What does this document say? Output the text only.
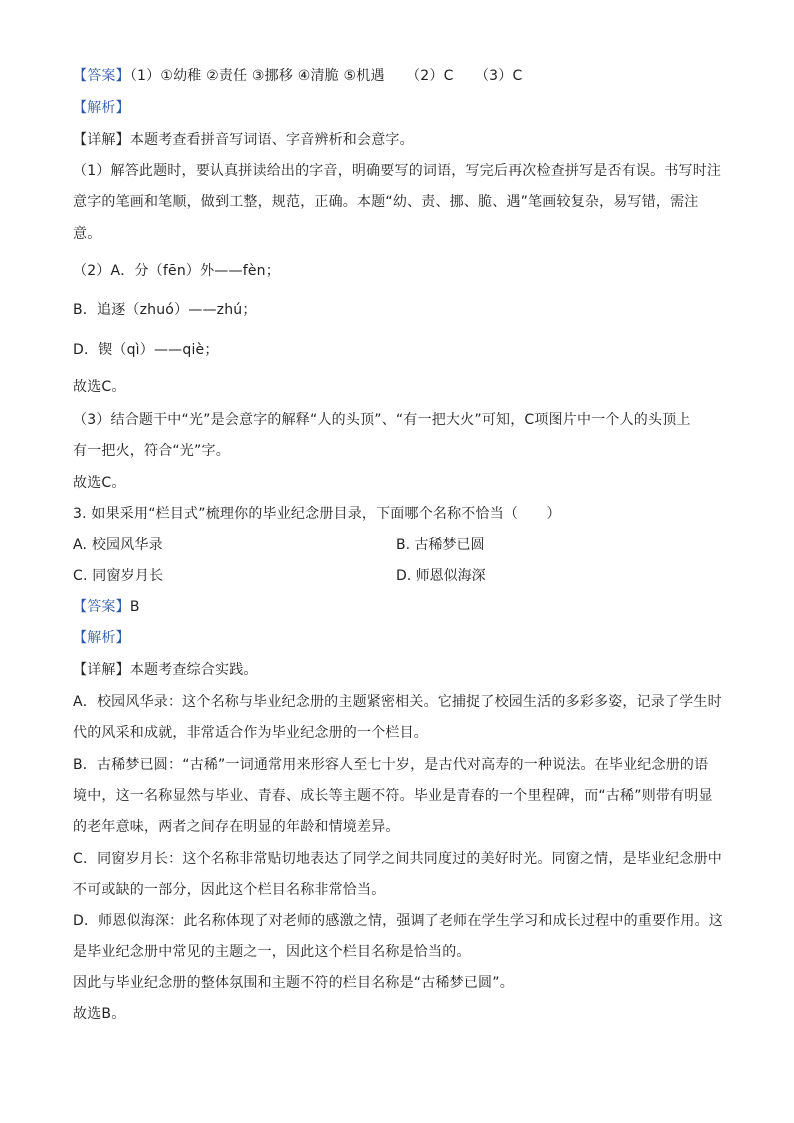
【答案】（1）①幼稚 ②责任 ③挪移 ④清脆 ⑤机遇　　（2）C　　（3）C
【解析】
【详解】本题考查看拼音写词语、字音辨析和会意字。
（1）解答此题时，要认真拼读给出的字音，明确要写的词语，写完后再次检查拼写是否有误。书写时注
意字的笔画和笔顺，做到工整，规范，正确。本题“幼、责、挪、脆、遇”笔画较复杂，易写错，需注
意。
（2）A．分（fēn）外——fèn；
B．追逐（zhuó）——zhú；
D．锲（qì）——qiè；
故选C。
（3）结合题干中“光”是会意字的解释“人的头顶”、“有一把大火”可知，C项图片中一个人的头顶上
有一把火，符合“光”字。
故选C。
3. 如果采用“栏目式”梳理你的毕业纪念册目录，下面哪个名称不恰当（　　）
A. 校园风华录	B. 古稀梦已圆
C. 同窗岁月长	D. 师恩似海深
【答案】B
【解析】
【详解】本题考查综合实践。
A．校园风华录：这个名称与毕业纪念册的主题紧密相关。它捕捉了校园生活的多彩多姿，记录了学生时
代的风采和成就，非常适合作为毕业纪念册的一个栏目。
B．古稀梦已圆：“古稀”一词通常用来形容人至七十岁，是古代对高寿的一种说法。在毕业纪念册的语
境中，这一名称显然与毕业、青春、成长等主题不符。毕业是青春的一个里程碑，而“古稀”则带有明显
的老年意味，两者之间存在明显的年龄和情境差异。
C．同窗岁月长：这个名称非常贴切地表达了同学之间共同度过的美好时光。同窗之情，是毕业纪念册中
不可或缺的一部分，因此这个栏目名称非常恰当。
D．师恩似海深：此名称体现了对老师的感激之情，强调了老师在学生学习和成长过程中的重要作用。这
是毕业纪念册中常见的主题之一，因此这个栏目名称是恰当的。
因此与毕业纪念册的整体氛围和主题不符的栏目名称是“古稀梦已圆”。
故选B。
